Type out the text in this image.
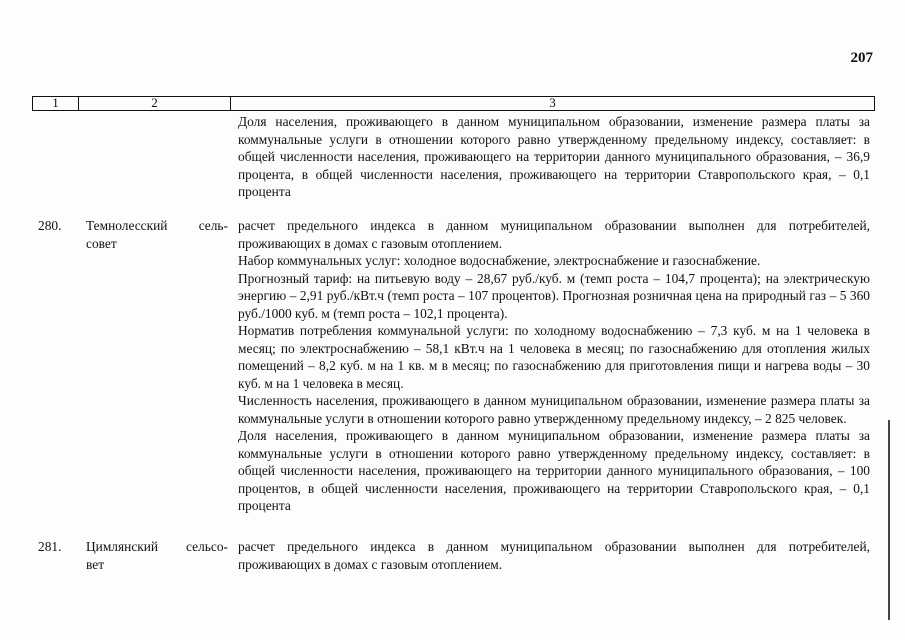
207
1	2	3

Доля населения, проживающего в данном муниципальном образовании, изменение размера платы за коммунальные услуги в отношении которого равно утвержденному предельному индексу, составляет: в общей численности населения, проживающего на территории данного муниципального образования, – 36,9 процента, в общей численности населения, проживающего на территории Ставропольского края, – 0,1 процента

280. Темнолесский сель-
совет

расчет предельного индекса в данном муниципальном образовании выполнен для потребителей, проживающих в домах с газовым отоплением.

Набор коммунальных услуг: холодное водоснабжение, электроснабжение и газоснабжение.

Прогнозный тариф: на питьевую воду – 28,67 руб./куб. м (темп роста – 104,7 процента); на электрическую энергию – 2,91 руб./кВт.ч (темп роста – 107 процентов). Прогнозная розничная цена на природный газ – 5 360 руб./1000 куб. м (темп роста – 102,1 процента).

Норматив потребления коммунальной услуги: по холодному водоснабжению – 7,3 куб. м на 1 человека в месяц; по электроснабжению – 58,1 кВт.ч на 1 человека в месяц; по газоснабжению для отопления жилых помещений – 8,2 куб. м на 1 кв. м в месяц; по газоснабжению для приготовления пищи и нагрева воды – 30 куб. м на 1 человека в месяц.

Численность населения, проживающего в данном муниципальном образовании, изменение размера платы за коммунальные услуги в отношении которого равно утвержденному предельному индексу, – 2 825 человек.

Доля населения, проживающего в данном муниципальном образовании, изменение размера платы за коммунальные услуги в отношении которого равно утвержденному предельному индексу, составляет: в общей численности населения, проживающего на территории данного муниципального образования, – 100 процентов, в общей численности населения, проживающего на территории Ставропольского края, – 0,1 процента

281. Цимлянский сельсо-
вет

расчет предельного индекса в данном муниципальном образовании выполнен для потребителей, проживающих в домах с газовым отоплением.
